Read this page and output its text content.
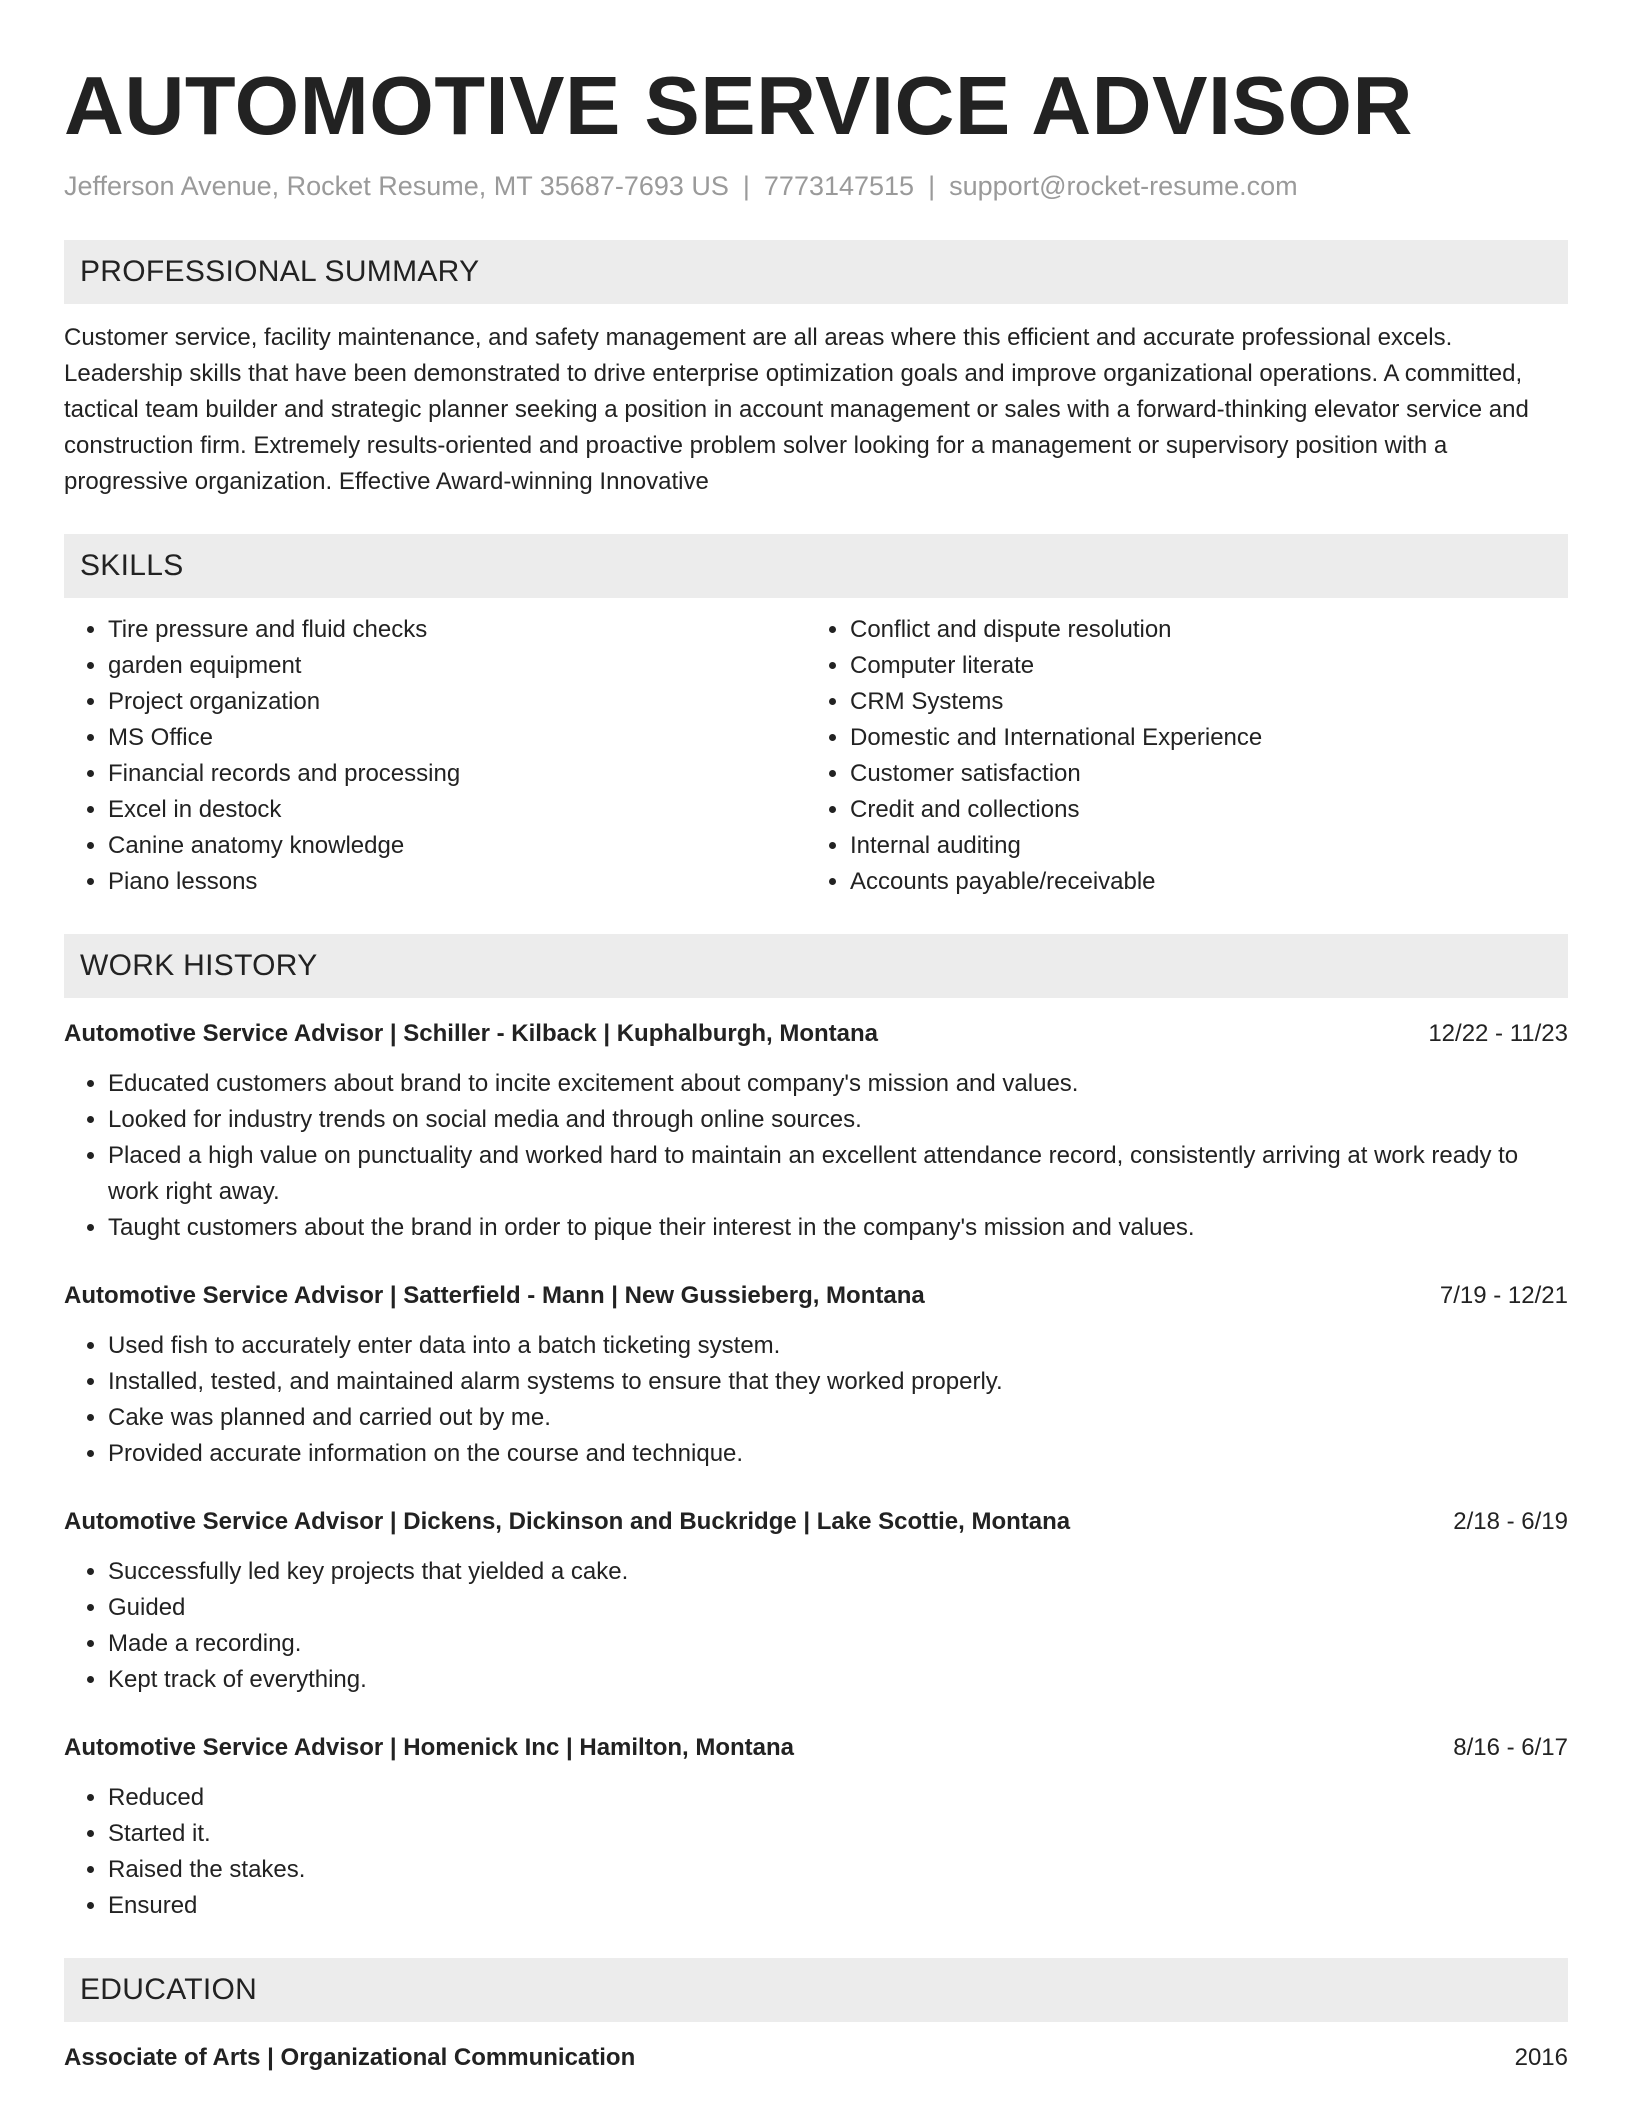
AUTOMOTIVE SERVICE ADVISOR
Jefferson Avenue, Rocket Resume, MT 35687-7693 US | 7773147515 | support@rocket-resume.com
PROFESSIONAL SUMMARY

Customer service, facility maintenance, and safety management are all areas where this efficient and accurate professional excels. Leadership skills that have been demonstrated to drive enterprise optimization goals and improve organizational operations. A committed, tactical team builder and strategic planner seeking a position in account management or sales with a forward-thinking elevator service and construction firm. Extremely results-oriented and proactive problem solver looking for a management or supervisory position with a progressive organization. Effective Award-winning Innovative

SKILLS
• Tire pressure and fluid checks
• garden equipment
• Project organization
• MS Office
• Financial records and processing
• Excel in destock
• Canine anatomy knowledge
• Piano lessons
• Conflict and dispute resolution
• Computer literate
• CRM Systems
• Domestic and International Experience
• Customer satisfaction
• Credit and collections
• Internal auditing
• Accounts payable/receivable
WORK HISTORY
Automotive Service Advisor | Schiller - Kilback | Kuphalburgh, Montana	12/22 - 11/23
• Educated customers about brand to incite excitement about company's mission and values.
• Looked for industry trends on social media and through online sources.
• Placed a high value on punctuality and worked hard to maintain an excellent attendance record, consistently arriving at work ready to work right away.
• Taught customers about the brand in order to pique their interest in the company's mission and values.
Automotive Service Advisor | Satterfield - Mann | New Gussieberg, Montana	7/19 - 12/21
• Used fish to accurately enter data into a batch ticketing system.
• Installed, tested, and maintained alarm systems to ensure that they worked properly.
• Cake was planned and carried out by me.
• Provided accurate information on the course and technique.
Automotive Service Advisor | Dickens, Dickinson and Buckridge | Lake Scottie, Montana	2/18 - 6/19
• Successfully led key projects that yielded a cake.
• Guided
• Made a recording.
• Kept track of everything.
Automotive Service Advisor | Homenick Inc | Hamilton, Montana	8/16 - 6/17
• Reduced
• Started it.
• Raised the stakes.
• Ensured
EDUCATION
Associate of Arts | Organizational Communication	2016
